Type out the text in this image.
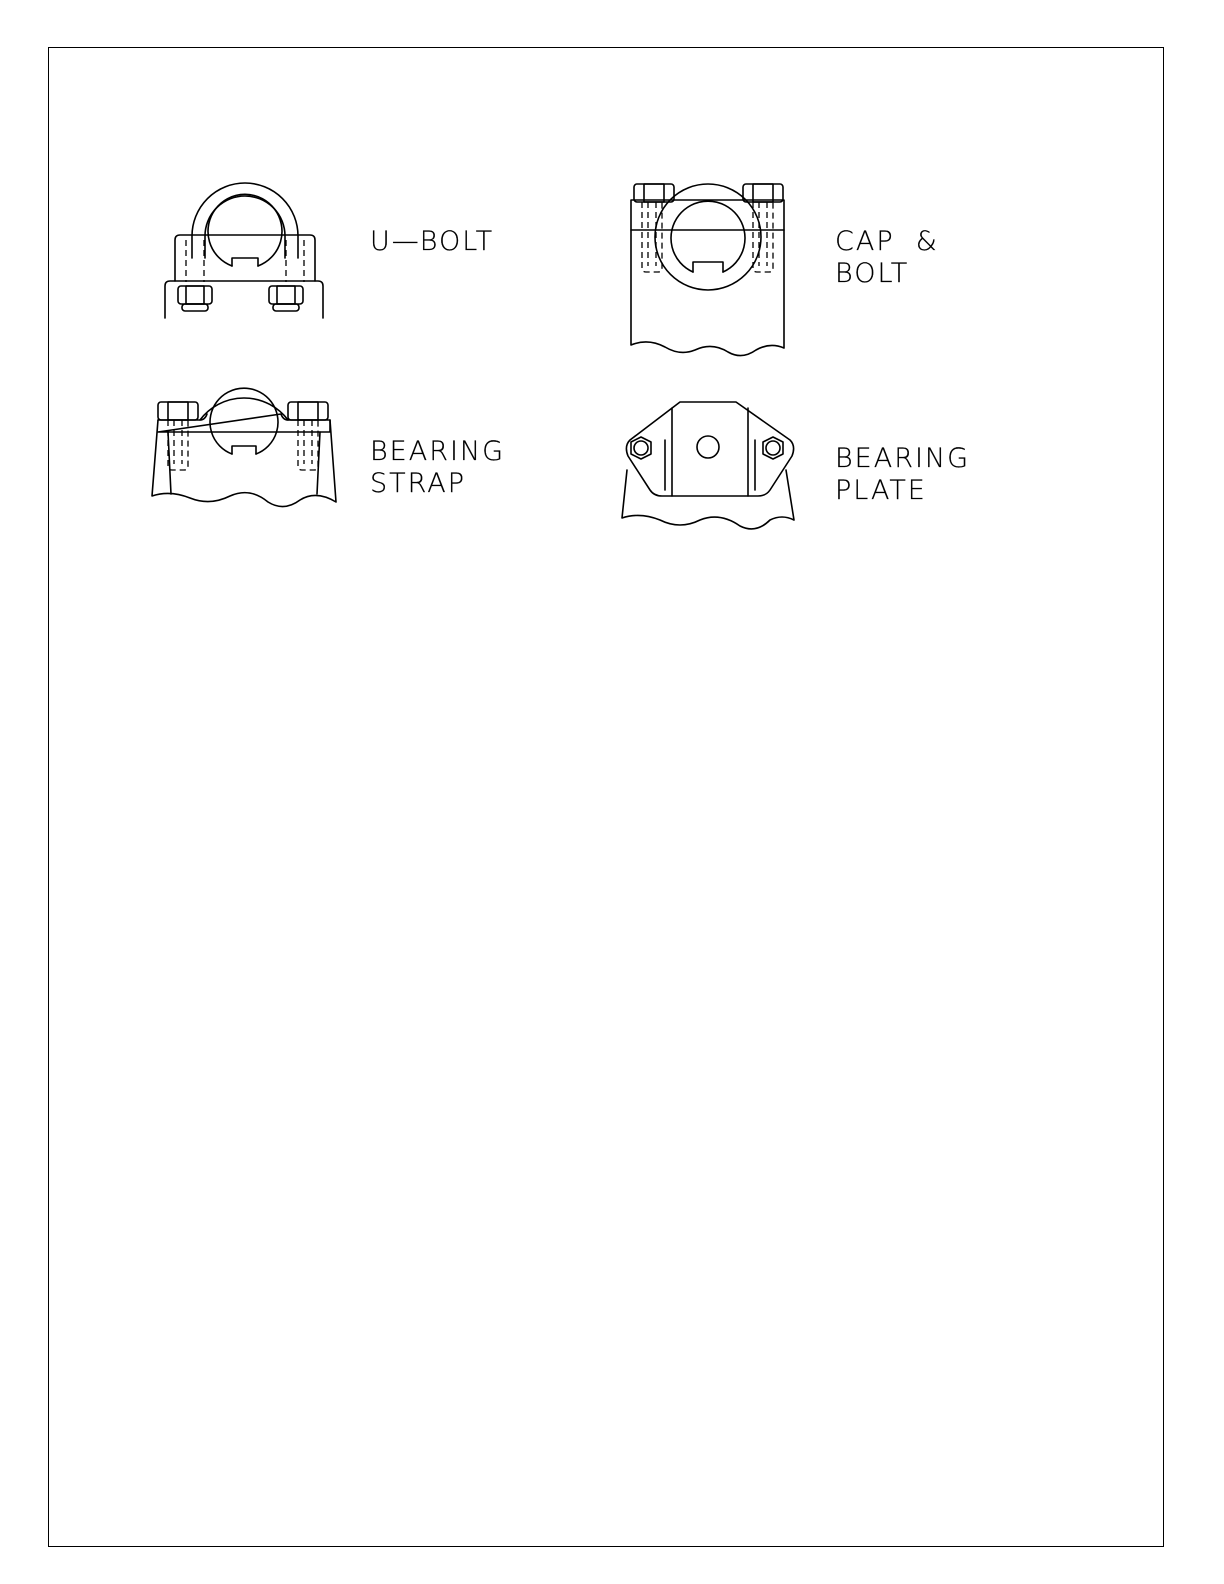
U—BOLT	CAP  &
BOLT
BEARING
STRAP
BEARING
PLATE
